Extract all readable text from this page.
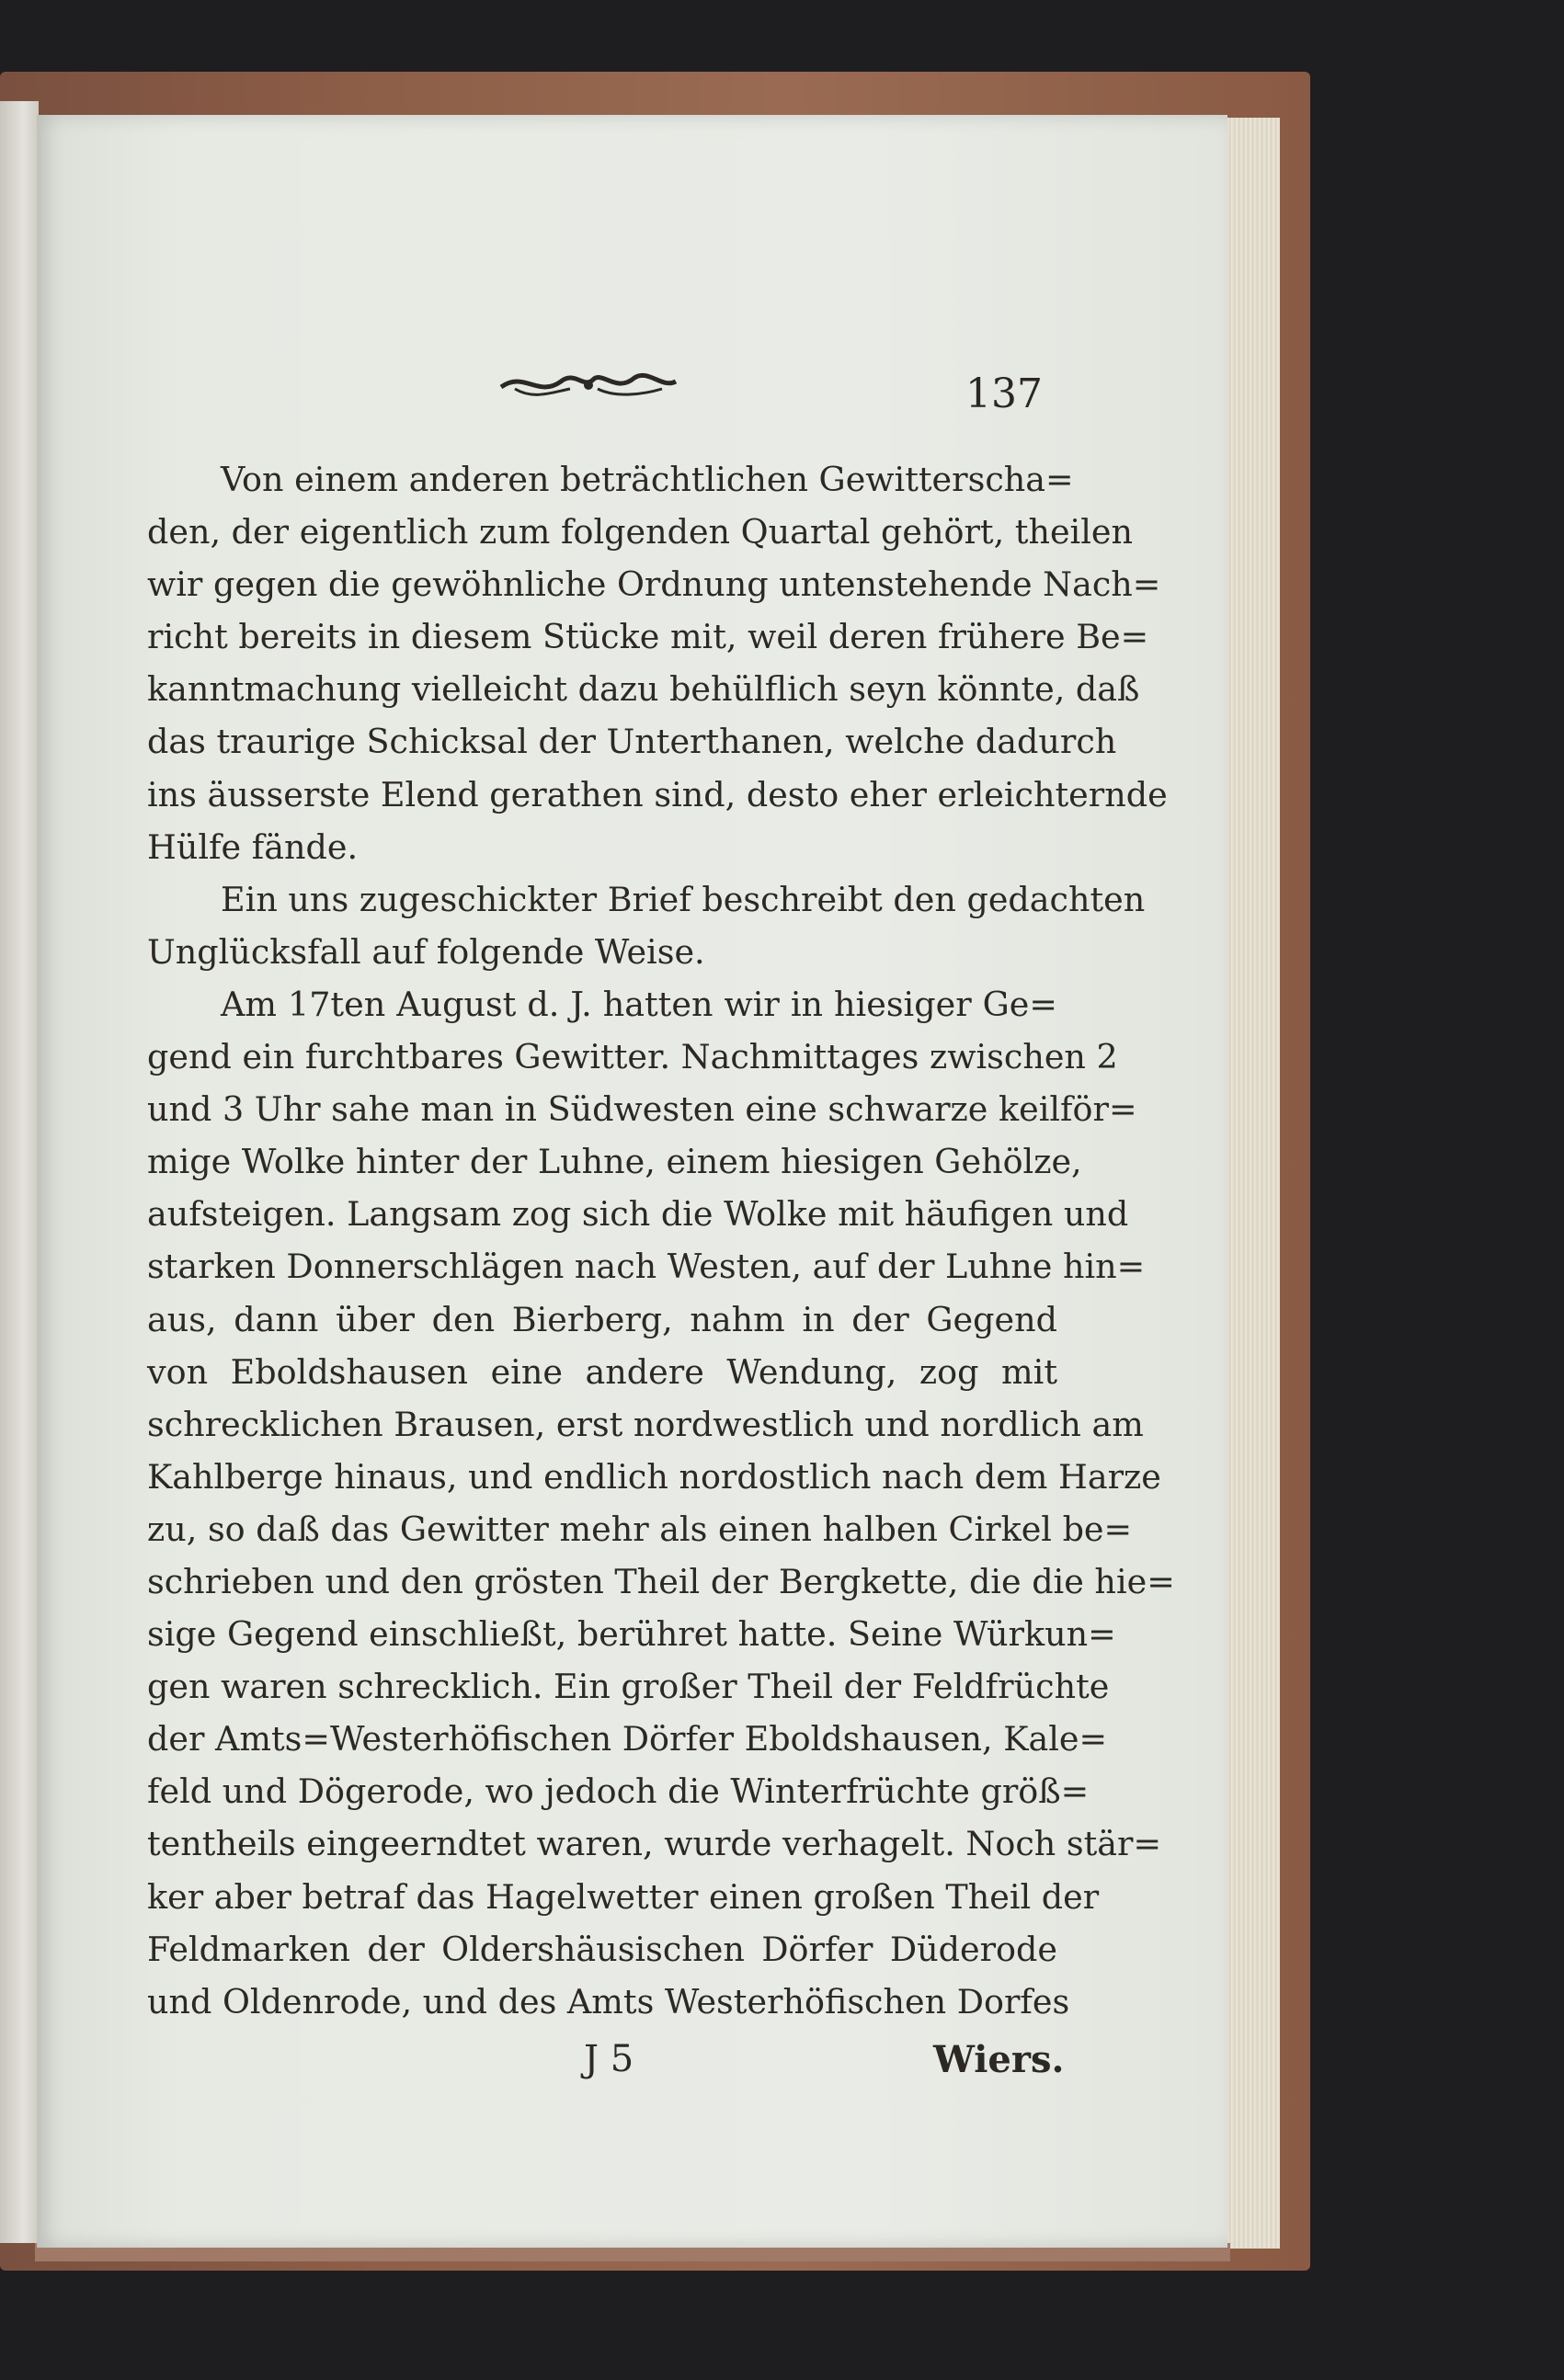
137
Von einem anderen beträchtlichen Gewitterscha=
den, der eigentlich zum folgenden Quartal gehört, theilen
wir gegen die gewöhnliche Ordnung untenstehende Nach=
richt bereits in diesem Stücke mit, weil deren frühere Be=
kanntmachung vielleicht dazu behülflich seyn könnte, daß
das traurige Schicksal der Unterthanen, welche dadurch
ins äusserste Elend gerathen sind, desto eher erleichternde
Hülfe fände.
Ein uns zugeschickter Brief beschreibt den gedachten
Unglücksfall auf folgende Weise.
Am 17ten August d. J. hatten wir in hiesiger Ge=
gend ein furchtbares Gewitter. Nachmittages zwischen 2
und 3 Uhr sahe man in Südwesten eine schwarze keilför=
mige Wolke hinter der Luhne, einem hiesigen Gehölze,
aufsteigen. Langsam zog sich die Wolke mit häufigen und
starken Donnerschlägen nach Westen, auf der Luhne hin=
aus, dann über den Bierberg, nahm in der Gegend
von Eboldshausen eine andere Wendung, zog mit
schrecklichen Brausen, erst nordwestlich und nordlich am
Kahlberge hinaus, und endlich nordostlich nach dem Harze
zu, so daß das Gewitter mehr als einen halben Cirkel be=
schrieben und den grösten Theil der Bergkette, die die hie=
sige Gegend einschließt, berühret hatte. Seine Würkun=
gen waren schrecklich. Ein großer Theil der Feldfrüchte
der Amts=Westerhöfischen Dörfer Eboldshausen, Kale=
feld und Dögerode, wo jedoch die Winterfrüchte größ=
tentheils eingeerndtet waren, wurde verhagelt. Noch stär=
ker aber betraf das Hagelwetter einen großen Theil der
Feldmarken der Oldershäusischen Dörfer Düderode
und Oldenrode, und des Amts Westerhöfischen Dorfes
J 5	Wiers.
